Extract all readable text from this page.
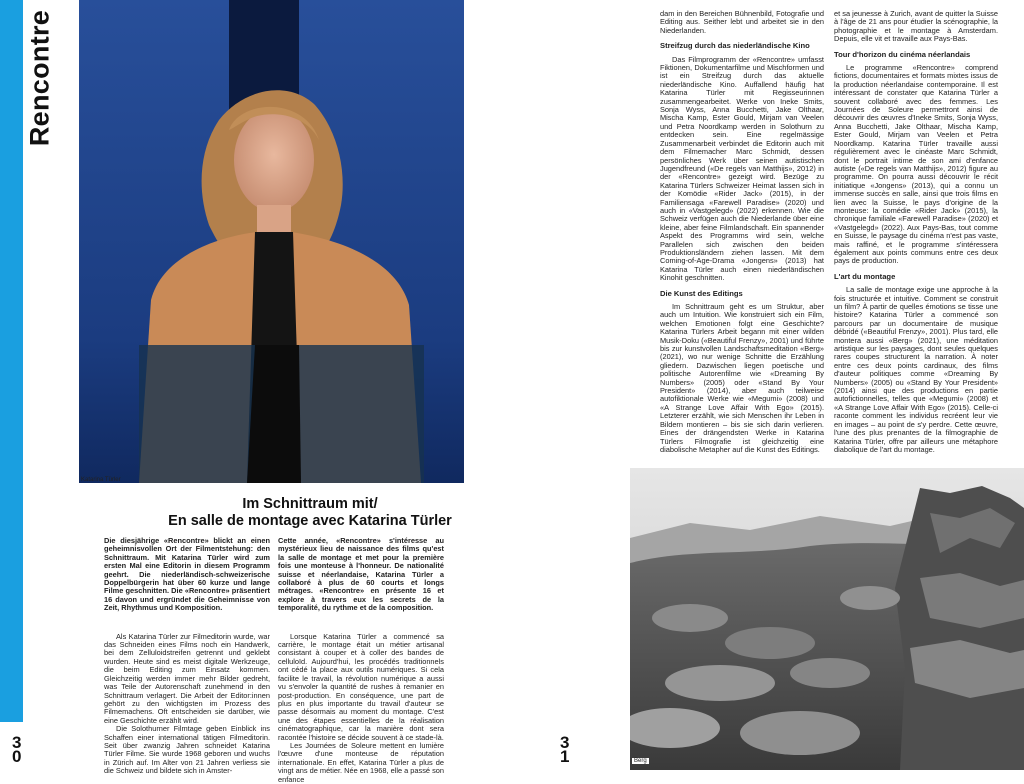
Rencontre
Katarina Türler
Im Schnittraum mit/
En salle de montage avec Katarina Türler

Die diesjährige «Rencontre» blickt an einen geheimnisvollen Ort der Filmentstehung: den Schnittraum. Mit Katarina Türler wird zum ersten Mal eine Editorin in diesem Programm geehrt. Die niederländisch-schweizerische Doppelbürgerin hat über 60 kurze und lange Filme geschnitten. Die «Rencontre» präsentiert 16 davon und ergründet die Geheimnisse von Zeit, Rhythmus und Komposition.

Als Katarina Türler zur Filmeditorin wurde, war das Schneiden eines Films noch ein Handwerk, bei dem Zelluloidstreifen getrennt und geklebt wurden. Heute sind es meist digitale Werkzeuge, die beim Editing zum Einsatz kommen. Gleichzeitig werden immer mehr Bilder gedreht, was Teile der Autorenschaft zunehmend in den Schnittraum verlagert. Die Arbeit der Editor:innen gehört zu den wichtigsten im Prozess des Filmemachens. Oft entscheiden sie darüber, wie eine Geschichte erzählt wird.

Die Solothurner Filmtage geben Einblick ins Schaffen einer international tätigen Filmeditorin. Seit über zwanzig Jahren schneidet Katarina Türler Filme. Sie wurde 1968 geboren und wuchs in Zürich auf. Im Alter von 21 Jahren verliess sie die Schweiz und bildete sich in Amster-

Cette année, «Rencontre» s'intéresse au mystérieux lieu de naissance des films qu'est la salle de montage et met pour la première fois une monteuse à l'honneur. De nationalité suisse et néerlandaise, Katarina Türler a collaboré à plus de 60 courts et longs métrages. «Rencontre» en présente 16 et explore à travers eux les secrets de la temporalité, du rythme et de la composition.

Lorsque Katarina Türler a commencé sa carrière, le montage était un métier artisanal consistant à couper et à coller des bandes de celluloïd. Aujourd'hui, les procédés traditionnels ont cédé la place aux outils numériques. Si cela facilite le travail, la révolution numérique a aussi vu s'envoler la quantité de rushes à remanier en post-production. En conséquence, une part de plus en plus importante du travail d'auteur se passe désormais au moment du montage. C'est une des étapes essentielles de la réalisation cinématographique, car la manière dont sera racontée l'histoire se décide souvent à ce stade-là.

Les Journées de Soleure mettent en lumière l'œuvre d'une monteuse de réputation internationale. En effet, Katarina Türler a plus de vingt ans de métier. Née en 1968, elle a passé son enfance

3
0

dam in den Bereichen Bühnenbild, Fotografie und Editing aus. Seither lebt und arbeitet sie in den Niederlanden.

Streifzug durch das niederländische Kino

Das Filmprogramm der «Rencontre» umfasst Fiktionen, Dokumentarfilme und Mischformen und ist ein Streifzug durch das aktuelle niederländische Kino. Auffallend häufig hat Katarina Türler mit Regisseurinnen zusammengearbeitet. Werke von Ineke Smits, Sonja Wyss, Anna Bucchetti, Jake Olthaar, Mischa Kamp, Ester Gould, Mirjam van Veelen und Petra Noordkamp werden in Solothurn zu entdecken sein. Eine regelmässige Zusammenarbeit verbindet die Editorin auch mit dem Filmemacher Marc Schmidt, dessen persönliches Werk über seinen autistischen Jugendfreund («De regels van Matthijs», 2012) in der «Rencontre» gezeigt wird. Bezüge zu Katarina Türlers Schweizer Heimat lassen sich in der Komödie «Rider Jack» (2015), in der Familiensaga «Farewell Paradise» (2020) und auch in «Vastgelegd» (2022) erkennen. Wie die Schweiz verfügen auch die Niederlande über eine kleine, aber feine Filmlandschaft. Ein spannender Aspekt des Programms wird sein, welche Parallelen sich zwischen den beiden Produktionsländern ziehen lassen. Mit dem Coming-of-Age-Drama «Jongens» (2013) hat Katarina Türler auch einen niederländischen Kinohit geschnitten.

Die Kunst des Editings

Im Schnittraum geht es um Struktur, aber auch um Intuition. Wie konstruiert sich ein Film, welchen Emotionen folgt eine Geschichte? Katarina Türlers Arbeit begann mit einer wilden Musik-Doku («Beautiful Frenzy», 2001) und führte bis zur kunstvollen Landschaftsmeditation «Berg» (2021), wo nur wenige Schnitte die Erzählung gliedern. Dazwischen liegen poetische und politische Autorenfilme wie «Dreaming By Numbers» (2005) oder «Stand By Your President» (2014), aber auch teilweise autofiktionale Werke wie «Megumi» (2008) und «A Strange Love Affair With Ego» (2015). Letzterer erzählt, wie sich Menschen ihr Leben in Bildern montieren – bis sie sich darin verlieren. Eines der drängendsten Werke in Katarina Türlers Filmografie ist gleichzeitig eine diabolische Metapher auf die Kunst des Editings.

et sa jeunesse à Zurich, avant de quitter la Suisse à l'âge de 21 ans pour étudier la scénographie, la photographie et le montage à Amsterdam. Depuis, elle vit et travaille aux Pays-Bas.

Tour d'horizon du cinéma néerlandais

Le programme «Rencontre» comprend fictions, documentaires et formats mixtes issus de la production néerlandaise contemporaine. Il est intéressant de constater que Katarina Türler a souvent collaboré avec des femmes. Les Journées de Soleure permettront ainsi de découvrir des œuvres d'Ineke Smits, Sonja Wyss, Anna Bucchetti, Jake Olthaar, Mischa Kamp, Ester Gould, Mirjam van Veelen et Petra Noordkamp. Katarina Türler travaille aussi régulièrement avec le cinéaste Marc Schmidt, dont le portrait intime de son ami d'enfance autiste («De regels van Matthijs», 2012) figure au programme. On pourra aussi découvrir le récit initiatique «Jongens» (2013), qui a connu un immense succès en salle, ainsi que trois films en lien avec la Suisse, le pays d'origine de la monteuse: la comédie «Rider Jack» (2015), la chronique familiale «Farewell Paradise» (2020) et «Vastgelegd» (2022). Aux Pays-Bas, tout comme en Suisse, le paysage du cinéma n'est pas vaste, mais raffiné, et le programme s'intéressera également aux points communs entre ces deux pays de production.

L'art du montage

La salle de montage exige une approche à la fois structurée et intuitive. Comment se construit un film? À partir de quelles émotions se tisse une histoire? Katarina Türler a commencé son parcours par un documentaire de musique débridé («Beautiful Frenzy», 2001). Plus tard, elle montera aussi «Berg» (2021), une méditation artistique sur les paysages, dont seules quelques rares coupes structurent la narration. À noter entre ces deux points cardinaux, des films d'auteur politiques comme «Dreaming By Numbers» (2005) ou «Stand By Your President» (2014) ainsi que des productions en partie autofictionnelles, telles que «Megumi» (2008) et «A Strange Love Affair With Ego» (2015). Celle-ci raconte comment les individus recréent leur vie en images – au point de s'y perdre. Cette œuvre, l'une des plus prenantes de la filmographie de Katarina Türler, offre par ailleurs une métaphore diabolique de l'art du montage.

Berg
3
1
